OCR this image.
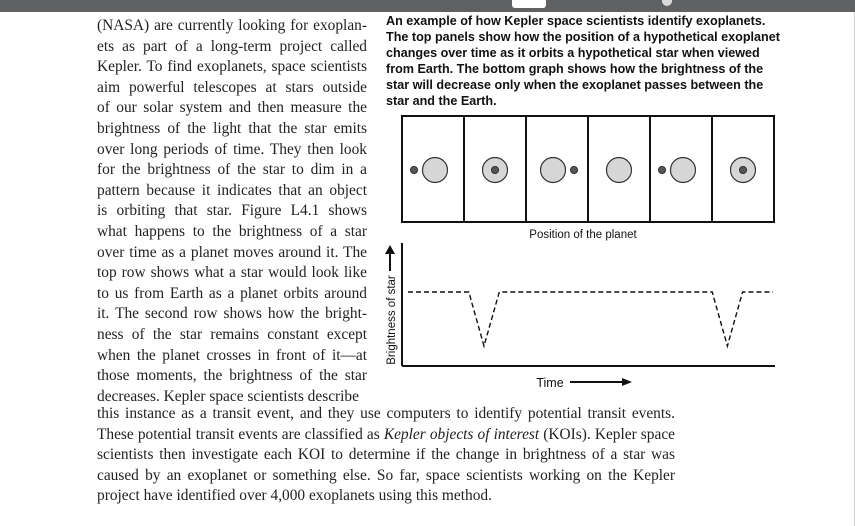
(NASA) are currently looking for exoplan-
ets as part of a long-term project called
Kepler. To find exoplanets, space scientists
aim powerful telescopes at stars outside
of our solar system and then measure the
brightness of the light that the star emits
over long periods of time. They then look
for the brightness of the star to dim in a
pattern because it indicates that an object
is orbiting that star. Figure L4.1 shows
what happens to the brightness of a star
over time as a planet moves around it. The
top row shows what a star would look like
to us from Earth as a planet orbits around
it. The second row shows how the bright-
ness of the star remains constant except
when the planet crosses in front of it—at
those moments, the brightness of the star
decreases. Kepler space scientists describe
this instance as a transit event, and they use computers to identify potential transit events.
These potential transit events are classified as Kepler objects of interest (KOIs). Kepler space
scientists then investigate each KOI to determine if the change in brightness of a star was
caused by an exoplanet or something else. So far, space scientists working on the Kepler
project have identified over 4,000 exoplanets using this method.
An example of how Kepler space scientists identify exoplanets.
The top panels show how the position of a hypothetical exoplanet
changes over time as it orbits a hypothetical star when viewed
from Earth. The bottom graph shows how the brightness of the
star will decrease only when the exoplanet passes between the
star and the Earth.
Position of the planet
Brightness of star
Time
